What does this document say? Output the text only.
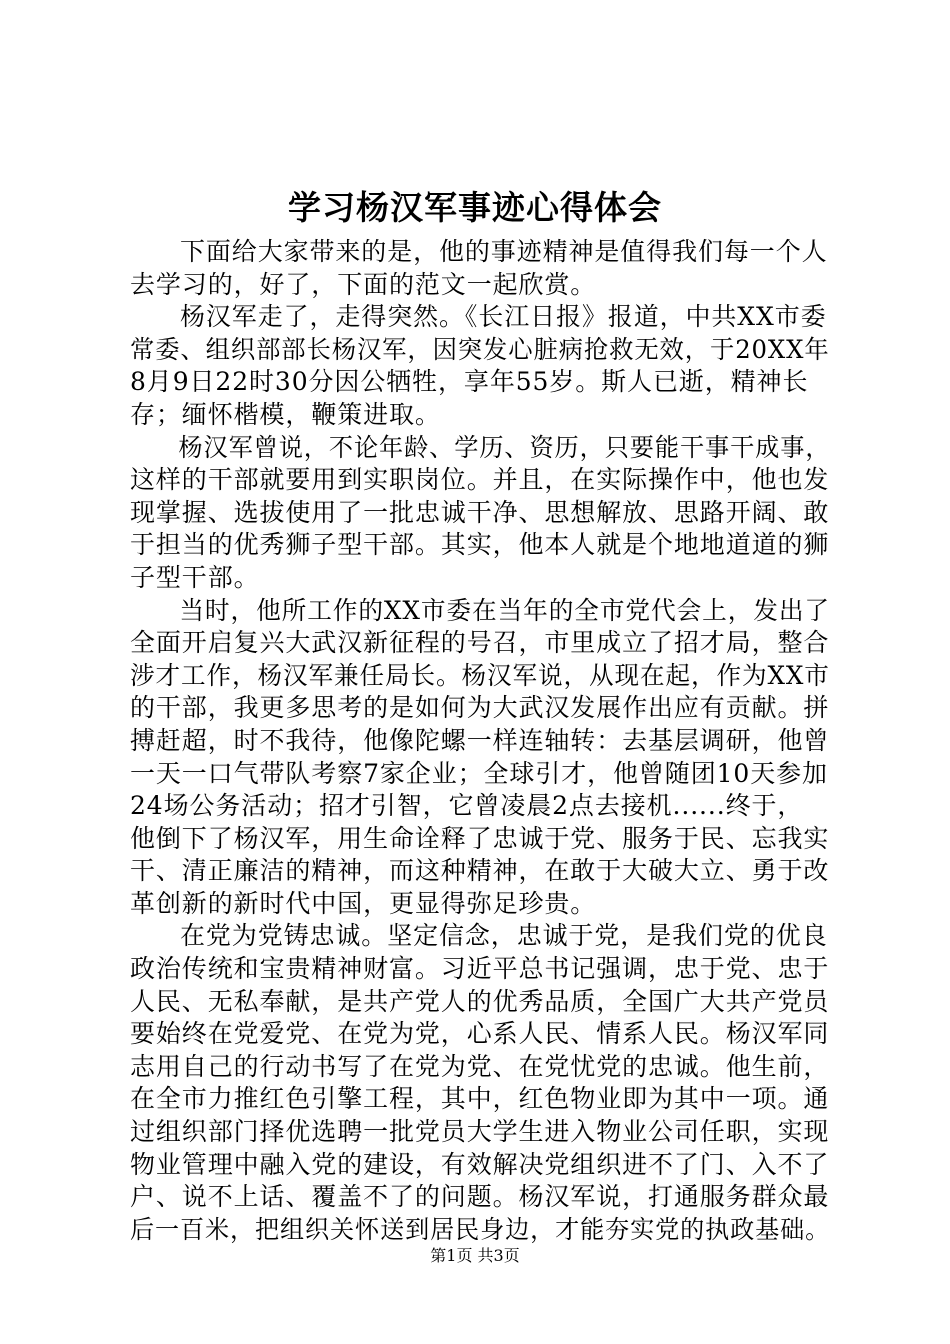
学习杨汉军事迹心得体会
下面给大家带来的是，他的事迹精神是值得我们每一个人
去学习的，好了，下面的范文一起欣赏。
杨汉军走了，走得突然。《长江日报》报道，中共XX市委
常委、组织部部长杨汉军，因突发心脏病抢救无效，于20XX年
8月9日22时30分因公牺牲，享年55岁。斯人已逝，精神长
存；缅怀楷模，鞭策进取。
杨汉军曾说，不论年龄、学历、资历，只要能干事干成事，
这样的干部就要用到实职岗位。并且，在实际操作中，他也发
现掌握、选拔使用了一批忠诚干净、思想解放、思路开阔、敢
于担当的优秀狮子型干部。其实，他本人就是个地地道道的狮
子型干部。
当时，他所工作的XX市委在当年的全市党代会上，发出了
全面开启复兴大武汉新征程的号召，市里成立了招才局，整合
涉才工作，杨汉军兼任局长。杨汉军说，从现在起，作为XX市
的干部，我更多思考的是如何为大武汉发展作出应有贡献。拼
搏赶超，时不我待，他像陀螺一样连轴转：去基层调研，他曾
一天一口气带队考察7家企业；全球引才，他曾随团10天参加
24场公务活动；招才引智，它曾凌晨2点去接机......终于，
他倒下了杨汉军，用生命诠释了忠诚于党、服务于民、忘我实
干、清正廉洁的精神，而这种精神，在敢于大破大立、勇于改
革创新的新时代中国，更显得弥足珍贵。
在党为党铸忠诚。坚定信念，忠诚于党，是我们党的优良
政治传统和宝贵精神财富。习近平总书记强调，忠于党、忠于
人民、无私奉献，是共产党人的优秀品质，全国广大共产党员
要始终在党爱党、在党为党，心系人民、情系人民。杨汉军同
志用自己的行动书写了在党为党、在党忧党的忠诚。他生前，
在全市力推红色引擎工程，其中，红色物业即为其中一项。通
过组织部门择优选聘一批党员大学生进入物业公司任职，实现
物业管理中融入党的建设，有效解决党组织进不了门、入不了
户、说不上话、覆盖不了的问题。杨汉军说，打通服务群众最
后一百米，把组织关怀送到居民身边，才能夯实党的执政基础。
第1页 共3页
